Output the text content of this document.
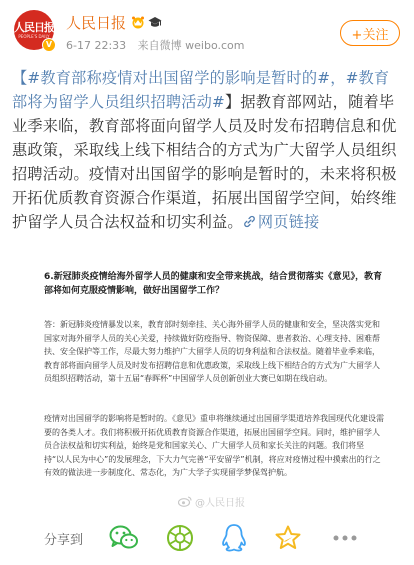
人民日报
PEOPLE'S DAILY
V
人民日报
6-17 22:33 来自微博 weibo.com
+关注
【#教育部称疫情对出国留学的影响是暂时的#，#教育部将为留学人员组织招聘活动#】据教育部网站，随着毕业季来临，教育部将面向留学人员及时发布招聘信息和优惠政策，采取线上线下相结合的方式为广大留学人员组织招聘活动。疫情对出国留学的影响是暂时的，未来将积极开拓优质教育资源合作渠道，拓展出国留学空间，始终维护留学人员合法权益和切实利益。 网页链接
6.新冠肺炎疫情给海外留学人员的健康和安全带来挑战，结合贯彻落实《意见》，教育部将如何克服疫情影响，做好出国留学工作？
答：新冠肺炎疫情暴发以来，教育部时刻牵挂、关心海外留学人员的健康和安全，坚决落实党和国家对海外留学人员的关心关爱，持续做好防疫指导、物资保障、患者救治、心理支持、困难帮扶、安全保护等工作，尽最大努力维护广大留学人员的切身利益和合法权益。随着毕业季来临，教育部将面向留学人员及时发布招聘信息和优惠政策，采取线上线下相结合的方式为广大留学人员组织招聘活动，第十五届“春晖杯”中国留学人员创新创业大赛已如期在线启动。
疫情对出国留学的影响将是暂时的。《意见》重申将继续通过出国留学渠道培养我国现代化建设需要的各类人才。我们将积极开拓优质教育资源合作渠道，拓展出国留学空间。同时，维护留学人员合法权益和切实利益，始终是党和国家关心、广大留学人员和家长关注的问题。我们将坚持“以人民为中心”的发展理念，下大力气完善“平安留学”机制，将应对疫情过程中摸索出的行之有效的做法进一步制度化、常态化，为广大学子实现留学梦保驾护航。
@人民日报
分享到
